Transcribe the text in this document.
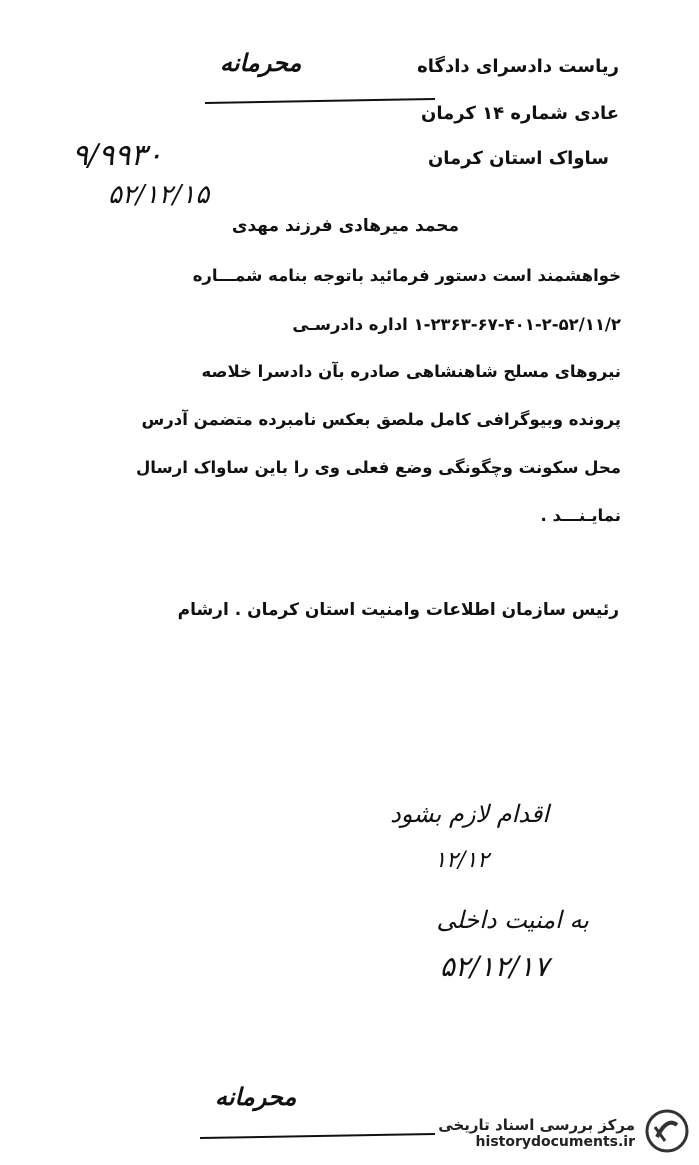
محرمانه	ریاست دادسرای دادگاه
عادی شماره ۱۴ کرمان
ساواک استان کرمان
۹/۹۹۳۰
۵۲/۱۲/۱۵
محمد میرهادی فرزند مهدی
خواهشمند است دستور فرمائید باتوجه بنامه شمـــاره
۱-۲۳۶۳-۶۷-۴۰۱-۲-۵۲/۱۱/۲ اداره دادرسـی
نیروهای مسلح شاهنشاهی صادره بآن دادسرا خلاصه
پرونده وبیوگرافی کامل ملصق بعکس نامبرده متضمن آدرس
محل سکونت وچگونگی وضع فعلی وی را باین ساواک ارسال
نمایـنـــد .
رئیس سازمان اطلاعات وامنیت استان کرمان . ارشام
اقدام لازم بشود
۱۲/۱۲
به امنیت داخلی
۵۲/۱۲/۱۷
محرمانه
مرکز بررسی اسناد تاریخی
historydocuments.ir
